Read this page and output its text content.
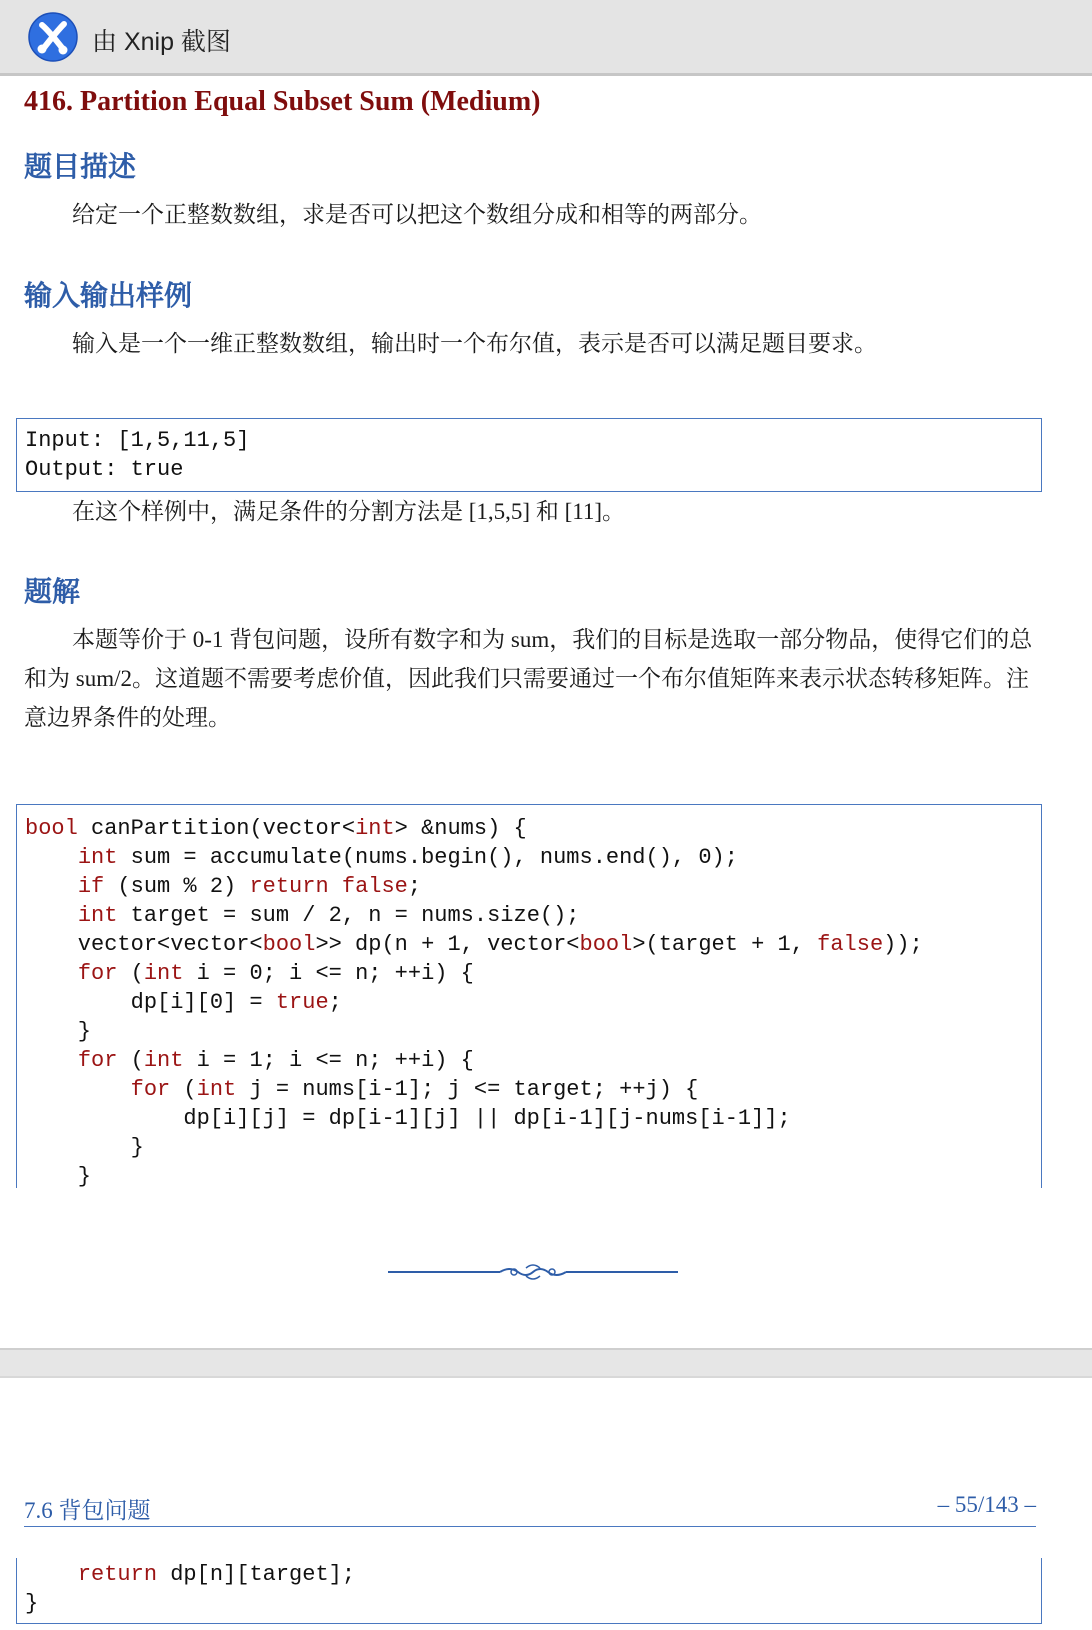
由 Xnip 截图
416. Partition Equal Subset Sum (Medium)
题目描述
给定一个正整数数组，求是否可以把这个数组分成和相等的两部分。
输入输出样例
输入是一个一维正整数数组，输出时一个布尔值，表示是否可以满足题目要求。
Input: [1,5,11,5]
Output: true
在这个样例中，满足条件的分割方法是 [1,5,5] 和 [11]。
题解
本题等价于 0-1 背包问题，设所有数字和为 sum，我们的目标是选取一部分物品，使得它们的总和为 sum/2。这道题不需要考虑价值，因此我们只需要通过一个布尔值矩阵来表示状态转移矩阵。注意边界条件的处理。
bool canPartition(vector<int> &nums) {
int sum = accumulate(nums.begin(), nums.end(), 0);
if (sum % 2) return false;
int target = sum / 2, n = nums.size();
vector<vector<bool>> dp(n + 1, vector<bool>(target + 1, false));
for (int i = 0; i <= n; ++i) {
dp[i][0] = true;
}
for (int i = 1; i <= n; ++i) {
for (int j = nums[i-1]; j <= target; ++j) {
dp[i][j] = dp[i-1][j] || dp[i-1][j-nums[i-1]];
}
}
7.6 背包问题	– 55/143 –
return dp[n][target];
}
